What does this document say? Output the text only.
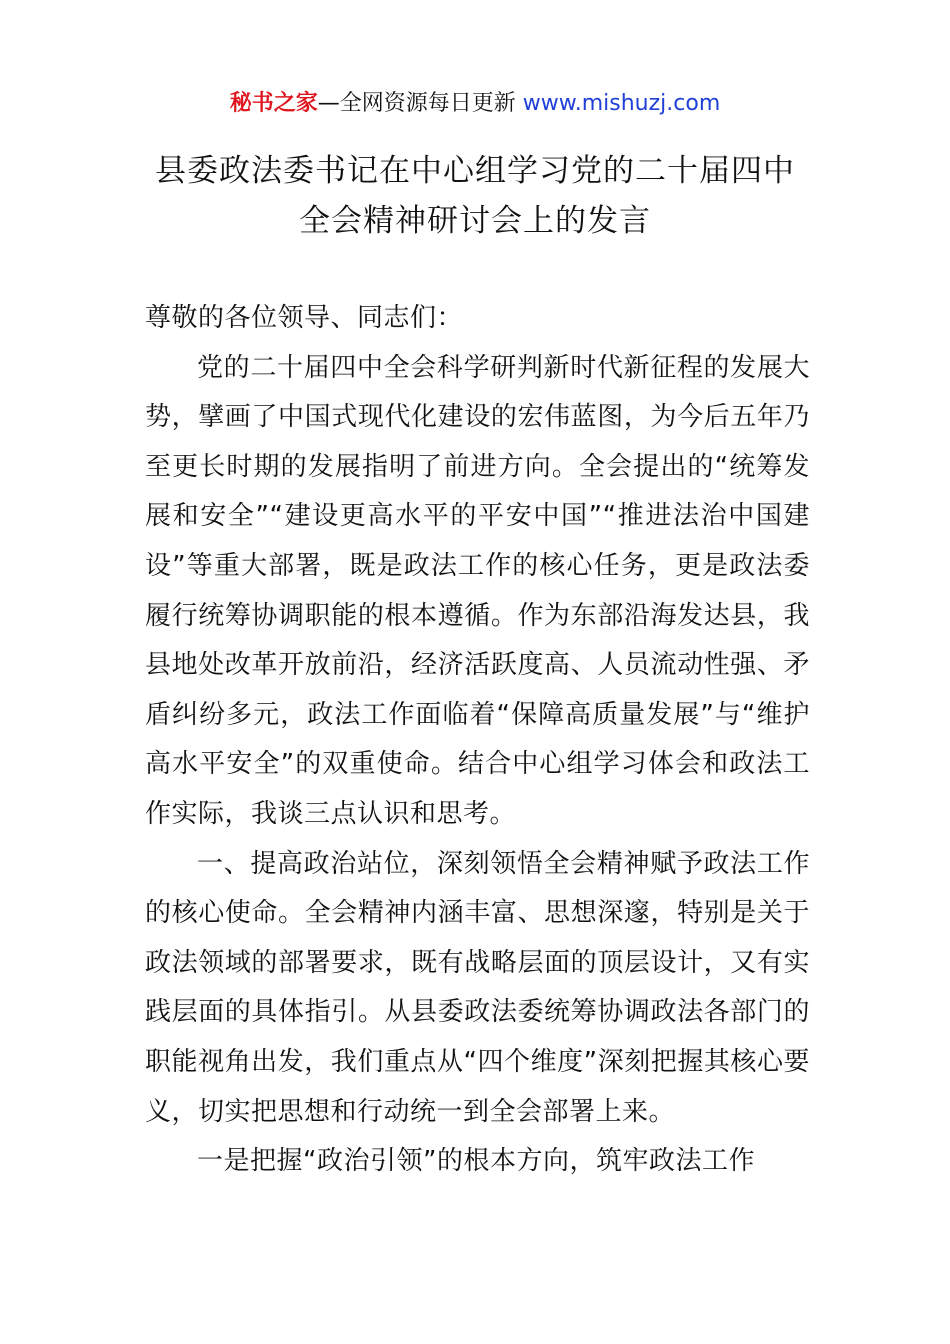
秘书之家—全网资源每日更新 www.mishuzj.com
县委政法委书记在中心组学习党的二十届四中
全会精神研讨会上的发言

尊敬的各位领导、同志们：

党的二十届四中全会科学研判新时代新征程的发展大势，擘画了中国式现代化建设的宏伟蓝图，为今后五年乃至更长时期的发展指明了前进方向。全会提出的“统筹发展和安全”“建设更高水平的平安中国”“推进法治中国建设”等重大部署，既是政法工作的核心任务，更是政法委履行统筹协调职能的根本遵循。作为东部沿海发达县，我县地处改革开放前沿，经济活跃度高、人员流动性强、矛盾纠纷多元，政法工作面临着“保障高质量发展”与“维护高水平安全”的双重使命。结合中心组学习体会和政法工作实际，我谈三点认识和思考。

一、提高政治站位，深刻领悟全会精神赋予政法工作的核心使命。全会精神内涵丰富、思想深邃，特别是关于政法领域的部署要求，既有战略层面的顶层设计，又有实践层面的具体指引。从县委政法委统筹协调政法各部门的职能视角出发，我们重点从“四个维度”深刻把握其核心要义，切实把思想和行动统一到全会部署上来。

一是把握“政治引领”的根本方向，筑牢政法工作
